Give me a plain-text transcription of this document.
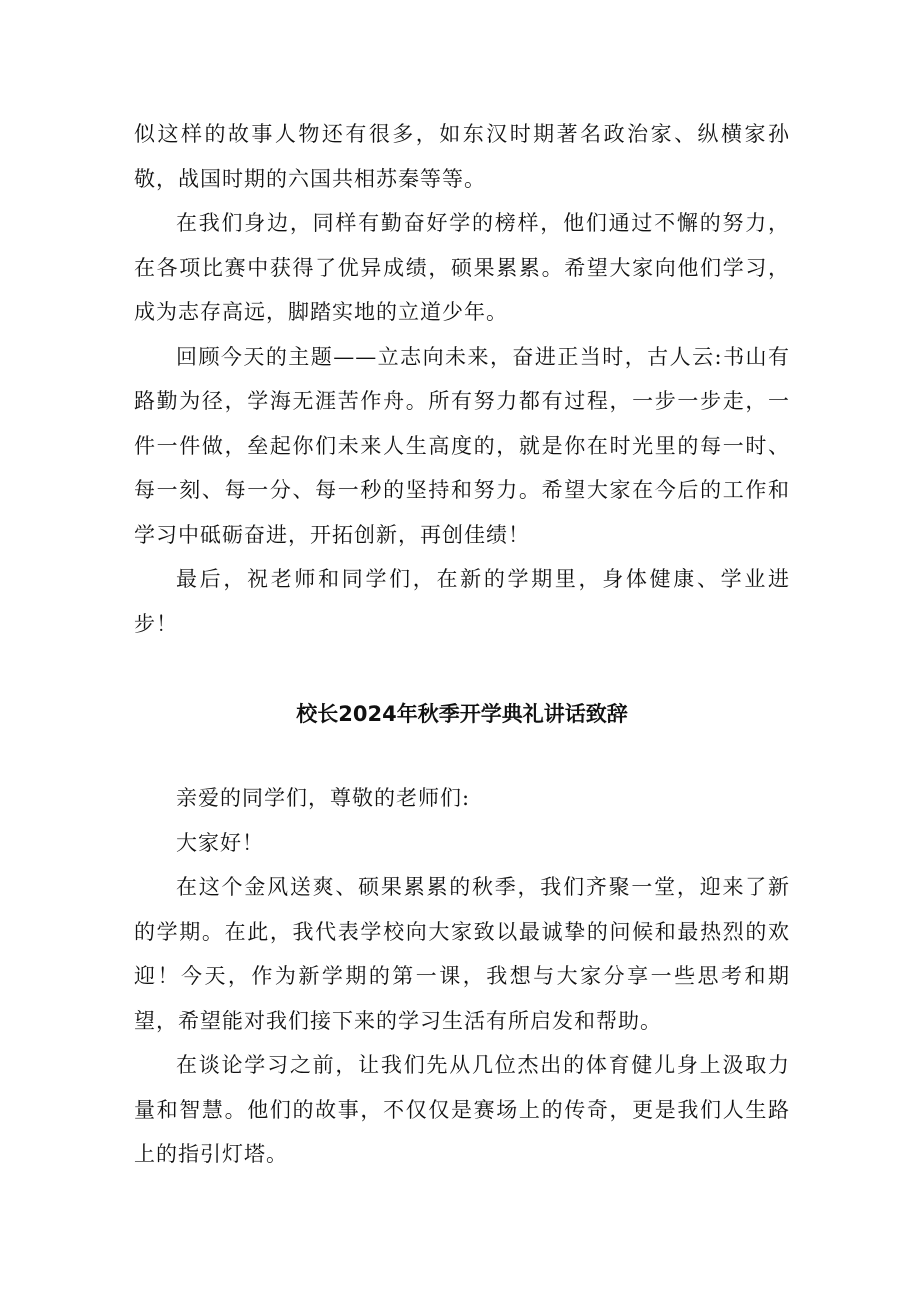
似这样的故事人物还有很多，如东汉时期著名政治家、纵横家孙敬，战国时期的六国共相苏秦等等。

在我们身边，同样有勤奋好学的榜样，他们通过不懈的努力，在各项比赛中获得了优异成绩，硕果累累。希望大家向他们学习，成为志存高远，脚踏实地的立道少年。

回顾今天的主题——立志向未来，奋进正当时，古人云:书山有路勤为径，学海无涯苦作舟。所有努力都有过程，一步一步走，一件一件做，垒起你们未来人生高度的，就是你在时光里的每一时、每一刻、每一分、每一秒的坚持和努力。希望大家在今后的工作和学习中砥砺奋进，开拓创新，再创佳绩！

最后，祝老师和同学们，在新的学期里，身体健康、学业进步！

校长2024年秋季开学典礼讲话致辞

亲爱的同学们，尊敬的老师们:

大家好！

在这个金风送爽、硕果累累的秋季，我们齐聚一堂，迎来了新的学期。在此，我代表学校向大家致以最诚挚的问候和最热烈的欢迎！今天，作为新学期的第一课，我想与大家分享一些思考和期望，希望能对我们接下来的学习生活有所启发和帮助。

在谈论学习之前，让我们先从几位杰出的体育健儿身上汲取力量和智慧。他们的故事，不仅仅是赛场上的传奇，更是我们人生路上的指引灯塔。
